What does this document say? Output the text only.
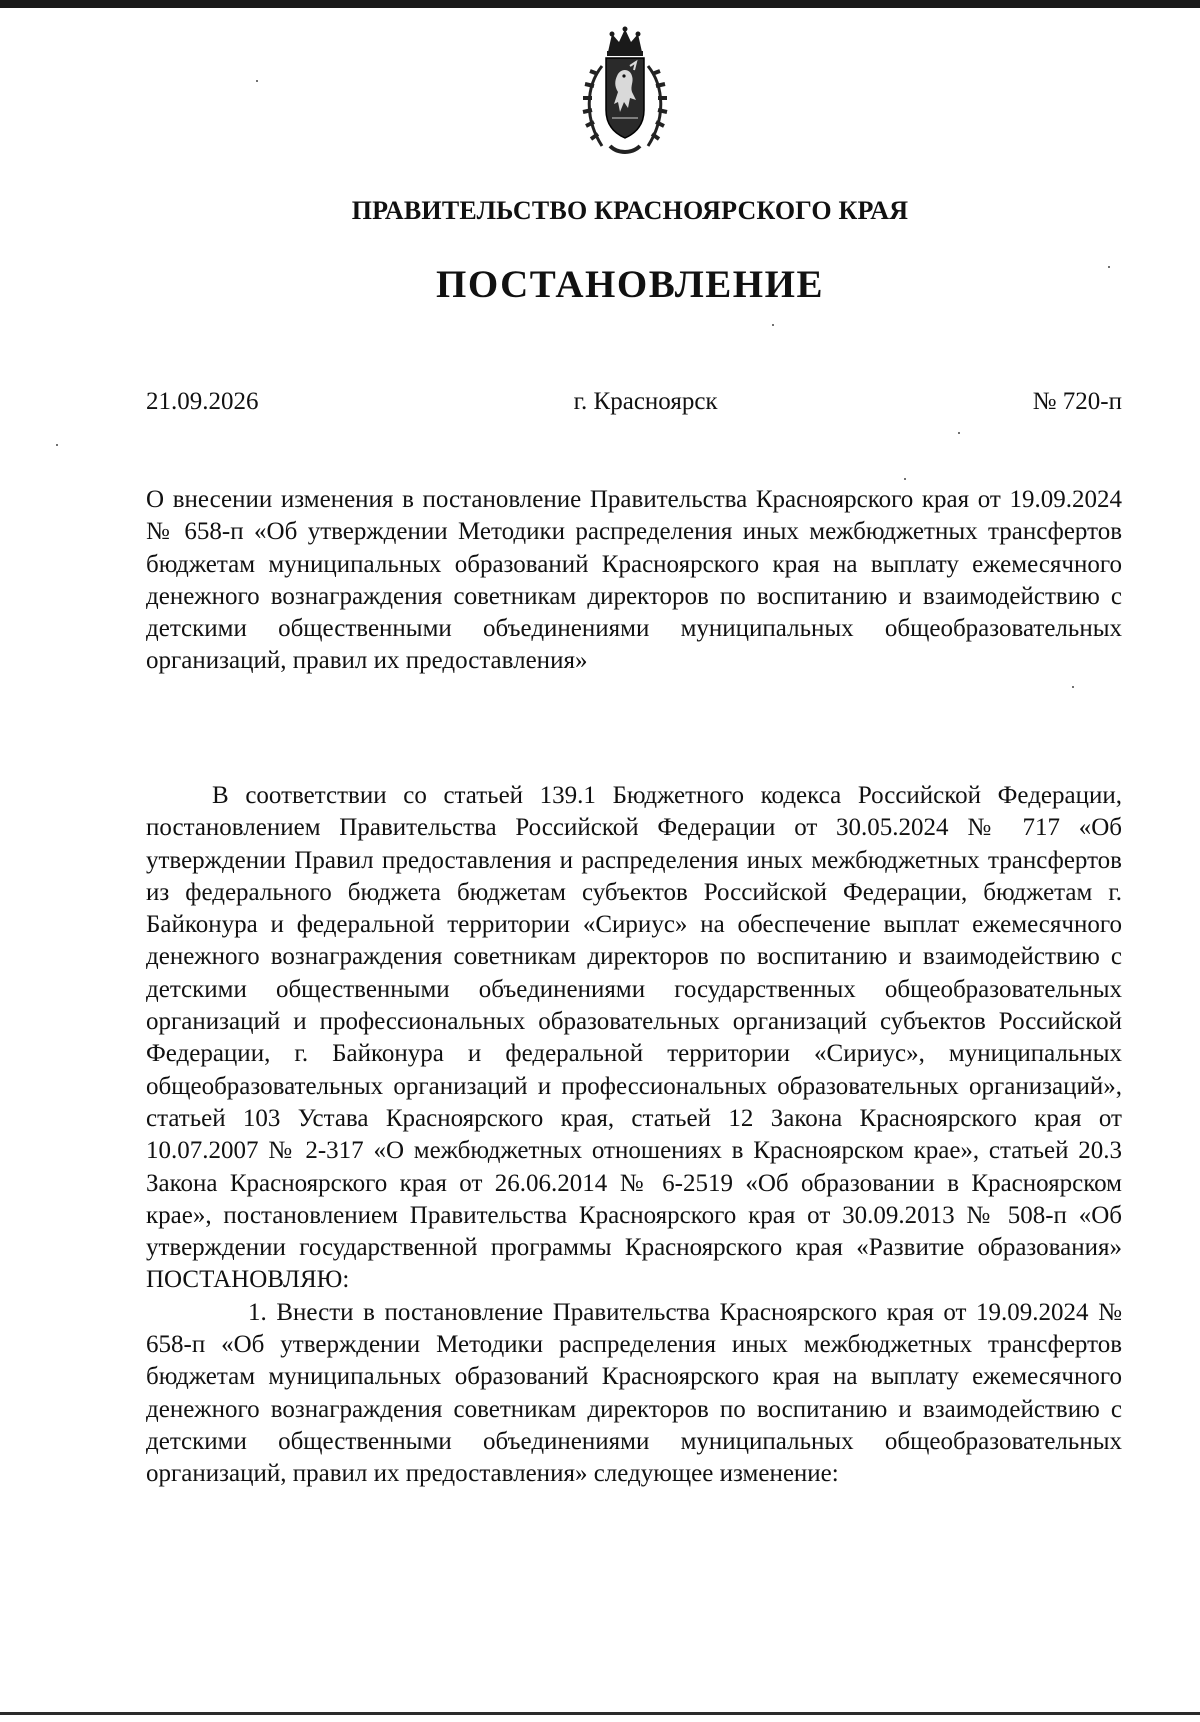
ПРАВИТЕЛЬСТВО КРАСНОЯРСКОГО КРАЯ
ПОСТАНОВЛЕНИЕ
21.09.2026	г. Красноярск	№ 720-п
О внесении изменения в постановление Правительства Красноярского края от 19.09.2024 № 658-п «Об утверждении Методики распределения иных межбюджетных трансфертов бюджетам муниципальных образований Красноярского края на выплату ежемесячного денежного вознаграждения советникам директоров по воспитанию и взаимодействию с детскими общественными объединениями муниципальных общеобразовательных организаций, правил их предоставления»

В соответствии со статьей 139.1 Бюджетного кодекса Российской Федерации, постановлением Правительства Российской Федерации от 30.05.2024 № 717 «Об утверждении Правил предоставления и распределения иных межбюджетных трансфертов из федерального бюджета бюджетам субъектов Российской Федерации, бюджетам г. Байконура и федеральной территории «Сириус» на обеспечение выплат ежемесячного денежного вознаграждения советникам директоров по воспитанию и взаимодействию с детскими общественными объединениями государственных общеобразовательных организаций и профессиональных образовательных организаций субъектов Российской Федерации, г. Байконура и федеральной территории «Сириус», муниципальных общеобразовательных организаций и профессиональных образовательных организаций», статьей 103 Устава Красноярского края, статьей 12 Закона Красноярского края от 10.07.2007 № 2-317 «О межбюджетных отношениях в Красноярском крае», статьей 20.3 Закона Красноярского края от 26.06.2014 № 6-2519 «Об образовании в Красноярском крае», постановлением Правительства Красноярского края от 30.09.2013 № 508-п «Об утверждении государственной программы Красноярского края «Развитие образования» ПОСТАНОВЛЯЮ:

1. Внести в постановление Правительства Красноярского края от 19.09.2024 № 658-п «Об утверждении Методики распределения иных межбюджетных трансфертов бюджетам муниципальных образований Красноярского края на выплату ежемесячного денежного вознаграждения советникам директоров по воспитанию и взаимодействию с детскими общественными объединениями муниципальных общеобразовательных организаций, правил их предоставления» следующее изменение:
